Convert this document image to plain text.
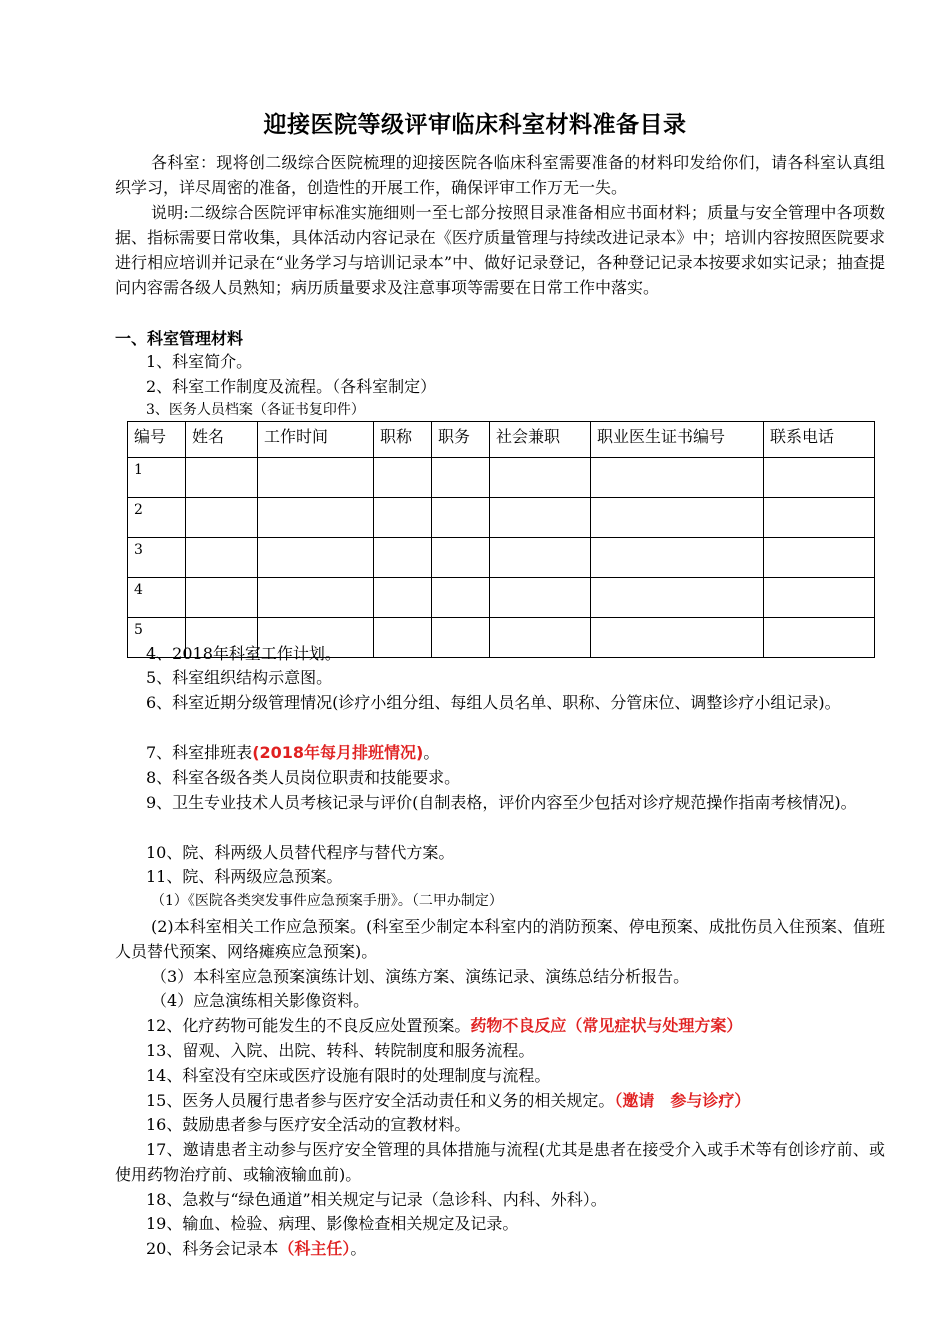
迎接医院等级评审临床科室材料准备目录
各科室：现将创二级综合医院梳理的迎接医院各临床科室需要准备的材料印发给你们，请各科室认真组织学习，详尽周密的准备，创造性的开展工作，确保评审工作万无一失。
说明:二级综合医院评审标准实施细则一至七部分按照目录准备相应书面材料；质量与安全管理中各项数据、指标需要日常收集，具体活动内容记录在《医疗质量管理与持续改进记录本》中；培训内容按照医院要求进行相应培训并记录在“业务学习与培训记录本”中、做好记录登记，各种登记记录本按要求如实记录；抽查提问内容需各级人员熟知；病历质量要求及注意事项等需要在日常工作中落实。
一、科室管理材料
1、科室简介。
2、科室工作制度及流程。（各科室制定）
3、医务人员档案（各证书复印件）
编号	姓名	工作时间	职称	职务	社会兼职	职业医生证书编号	联系电话
1							
2							
3							
4							
5							
4、2018年科室工作计划。
5、科室组织结构示意图。
6、科室近期分级管理情况(诊疗小组分组、每组人员名单、职称、分管床位、调整诊疗小组记录)。
7、科室排班表(2018年每月排班情况)。
8、科室各级各类人员岗位职责和技能要求。
9、卫生专业技术人员考核记录与评价(自制表格，评价内容至少包括对诊疗规范操作指南考核情况)。
10、院、科两级人员替代程序与替代方案。
11、院、科两级应急预案。
（1）《医院各类突发事件应急预案手册》。（二甲办制定）
(2)本科室相关工作应急预案。(科室至少制定本科室内的消防预案、停电预案、成批伤员入住预案、值班人员替代预案、网络瘫痪应急预案)。
（3）本科室应急预案演练计划、演练方案、演练记录、演练总结分析报告。
（4）应急演练相关影像资料。
12、化疗药物可能发生的不良反应处置预案。药物不良反应（常见症状与处理方案）
13、留观、入院、出院、转科、转院制度和服务流程。
14、科室没有空床或医疗设施有限时的处理制度与流程。
15、医务人员履行患者参与医疗安全活动责任和义务的相关规定。（邀请　参与诊疗）
16、鼓励患者参与医疗安全活动的宣教材料。
17、邀请患者主动参与医疗安全管理的具体措施与流程(尤其是患者在接受介入或手术等有创诊疗前、或使用药物治疗前、或输液输血前)。
18、急救与“绿色通道”相关规定与记录（急诊科、内科、外科）。
19、输血、检验、病理、影像检查相关规定及记录。
20、科务会记录本（科主任）。
